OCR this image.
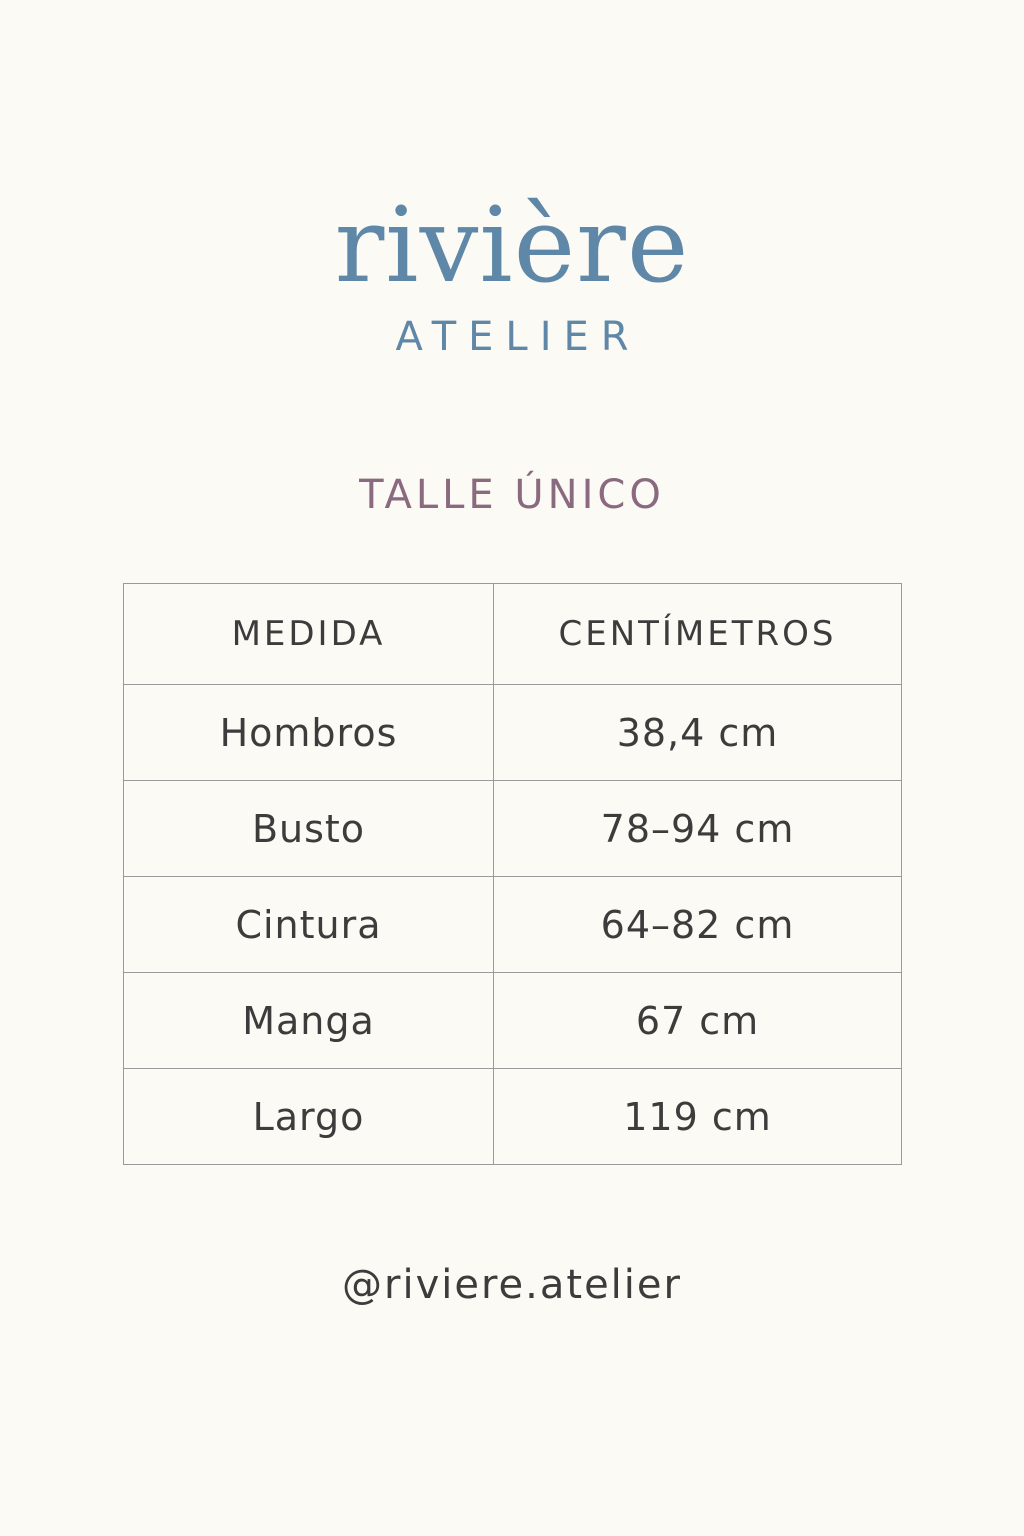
rivière
ATELIER
TALLE ÚNICO
MEDIDA	CENTÍMETROS
Hombros	38,4 cm
Busto	78–94 cm
Cintura	64–82 cm
Manga	67 cm
Largo	119 cm
@riviere.atelier
